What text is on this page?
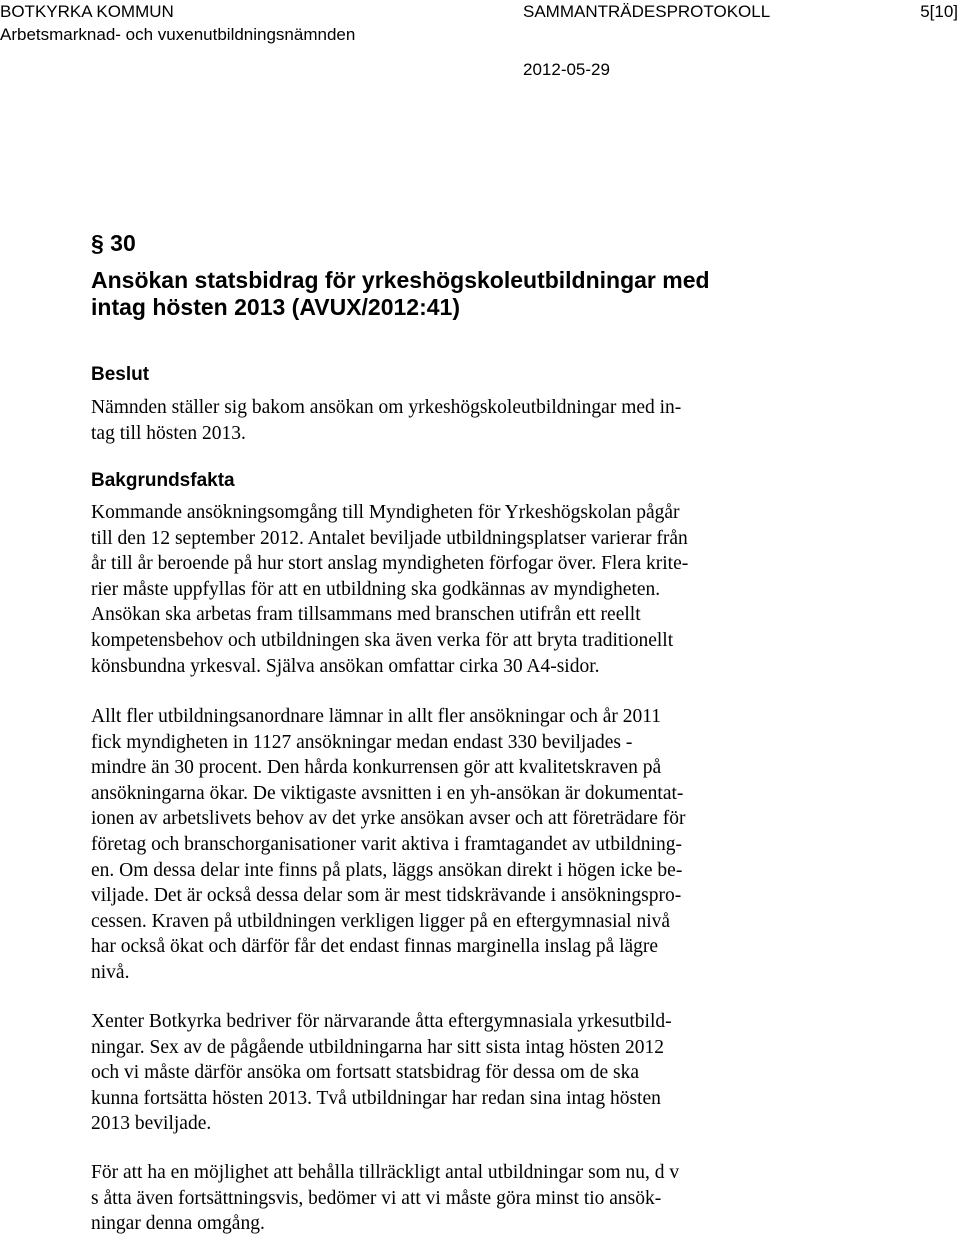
BOTKYRKA KOMMUN	SAMMANTRÄDESPROTOKOLL	5[10]
Arbetsmarknad- och vuxenutbildningsnämnden
2012-05-29
§ 30
Ansökan statsbidrag för yrkeshögskoleutbildningar med
intag hösten 2013 (AVUX/2012:41)
Beslut
Nämnden ställer sig bakom ansökan om yrkeshögskoleutbildningar med in-
tag till hösten 2013.
Bakgrundsfakta
Kommande ansökningsomgång till Myndigheten för Yrkeshögskolan pågår
till den 12 september 2012. Antalet beviljade utbildningsplatser varierar från
år till år beroende på hur stort anslag myndigheten förfogar över. Flera krite-
rier måste uppfyllas för att en utbildning ska godkännas av myndigheten.
Ansökan ska arbetas fram tillsammans med branschen utifrån ett reellt
kompetensbehov och utbildningen ska även verka för att bryta traditionellt
könsbundna yrkesval. Själva ansökan omfattar cirka 30 A4-sidor.
Allt fler utbildningsanordnare lämnar in allt fler ansökningar och år 2011
fick myndigheten in 1127 ansökningar medan endast 330 beviljades -
mindre än 30 procent. Den hårda konkurrensen gör att kvalitetskraven på
ansökningarna ökar. De viktigaste avsnitten i en yh-ansökan är dokumentat-
ionen av arbetslivets behov av det yrke ansökan avser och att företrädare för
företag och branschorganisationer varit aktiva i framtagandet av utbildning-
en. Om dessa delar inte finns på plats, läggs ansökan direkt i högen icke be-
viljade. Det är också dessa delar som är mest tidskrävande i ansökningspro-
cessen. Kraven på utbildningen verkligen ligger på en eftergymnasial nivå
har också ökat och därför får det endast finnas marginella inslag på lägre
nivå.
Xenter Botkyrka bedriver för närvarande åtta eftergymnasiala yrkesutbild-
ningar. Sex av de pågående utbildningarna har sitt sista intag hösten 2012
och vi måste därför ansöka om fortsatt statsbidrag för dessa om de ska
kunna fortsätta hösten 2013. Två utbildningar har redan sina intag hösten
2013 beviljade.
För att ha en möjlighet att behålla tillräckligt antal utbildningar som nu, d v
s åtta även fortsättningsvis, bedömer vi att vi måste göra minst tio ansök-
ningar denna omgång.
